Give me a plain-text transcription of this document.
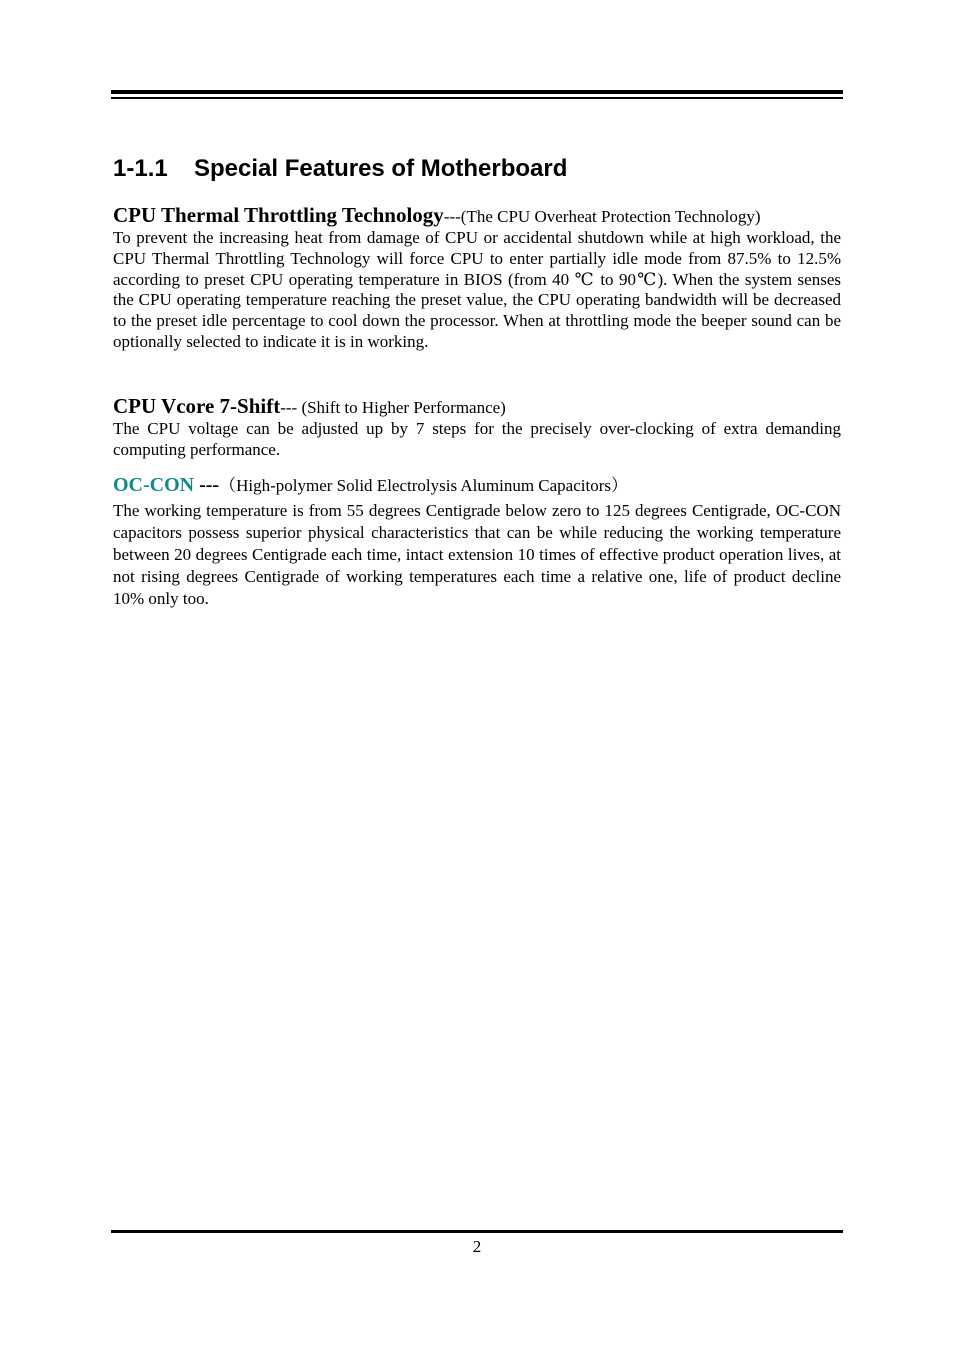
1-1.1 Special Features of Motherboard

CPU Thermal Throttling Technology---(The CPU Overheat Protection Technology)

To prevent the increasing heat from damage of CPU or accidental shutdown while at high workload, the CPU Thermal Throttling Technology will force CPU to enter partially idle mode from 87.5% to 12.5% according to preset CPU operating temperature in BIOS (from 40 ℃ to 90℃). When the system senses the CPU operating temperature reaching the preset value, the CPU operating bandwidth will be decreased to the preset idle percentage to cool down the processor. When at throttling mode the beeper sound can be optionally selected to indicate it is in working.

CPU Vcore 7-Shift--- (Shift to Higher Performance)

The CPU voltage can be adjusted up by 7 steps for the precisely over-clocking of extra demanding computing performance.

OC-CON ---（High-polymer Solid Electrolysis Aluminum Capacitors）

The working temperature is from 55 degrees Centigrade below zero to 125 degrees Centigrade, OC-CON capacitors possess superior physical characteristics that can be while reducing the working temperature between 20 degrees Centigrade each time, intact extension 10 times of effective product operation lives, at not rising degrees Centigrade of working temperatures each time a relative one, life of product decline 10% only too.

2
